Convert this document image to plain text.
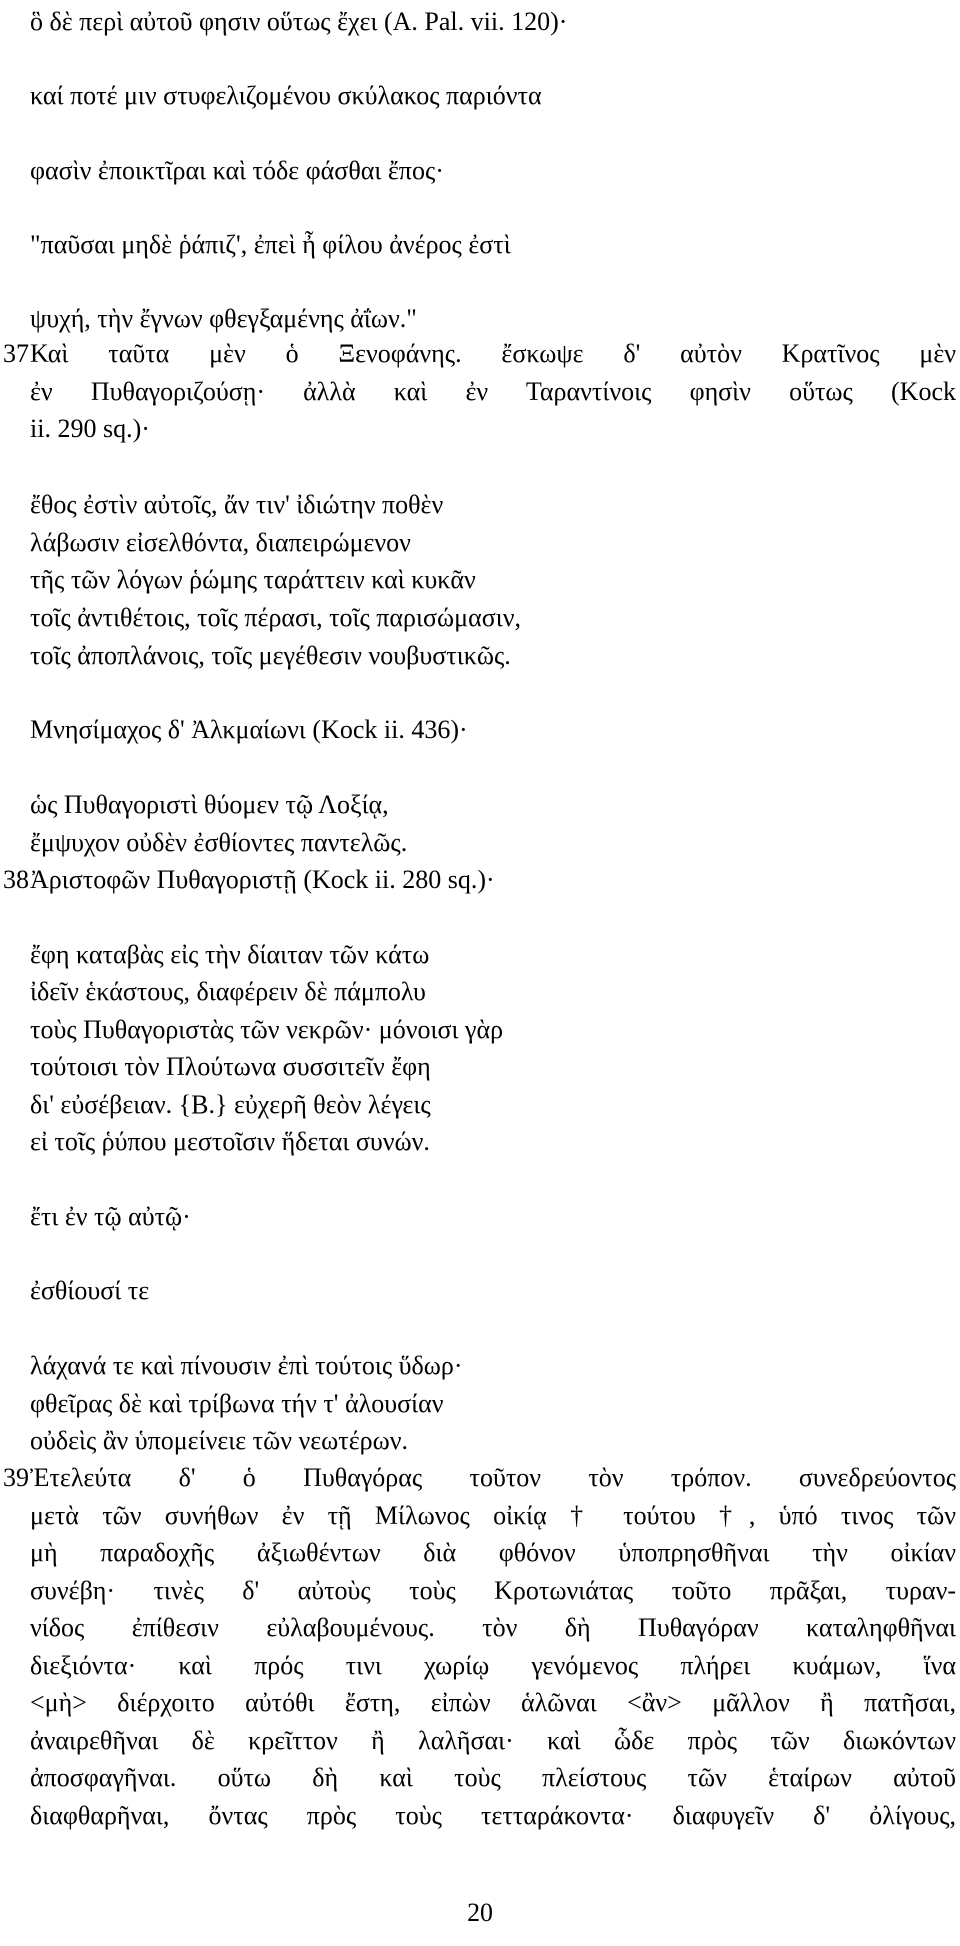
ὃ δὲ περὶ αὐτοῦ φησιν οὕτως ἔχει (A. Pal. vii. 120)·
καί ποτέ μιν στυφελιζομένου σκύλακος παριόντα
φασὶν ἐποικτῖραι καὶ τόδε φάσθαι ἔπος·
"παῦσαι μηδὲ ῥάπιζ', ἐπεὶ ἦ φίλου ἀνέρος ἐστὶ
ψυχή, τὴν ἔγνων φθεγξαμένης ἀΐων."
37 Καὶ ταῦτα μὲν ὁ Ξενοφάνης. ἔσκωψε δ' αὐτὸν Κρατῖνος μὲν
ἐν Πυθαγοριζούσῃ· ἀλλὰ καὶ ἐν Ταραντίνοις φησὶν οὕτως (Kock
ii. 290 sq.)·
ἔθος ἐστὶν αὐτοῖς, ἄν τιν' ἰδιώτην ποθὲν
λάβωσιν εἰσελθόντα, διαπειρώμενον
τῆς τῶν λόγων ῥώμης ταράττειν καὶ κυκᾶν
τοῖς ἀντιθέτοις, τοῖς πέρασι, τοῖς παρισώμασιν,
τοῖς ἀποπλάνοις, τοῖς μεγέθεσιν νουβυστικῶς.
Μνησίμαχος δ' Ἀλκμαίωνι (Kock ii. 436)·
ὡς Πυθαγοριστὶ θύομεν τῷ Λοξίᾳ,
ἔμψυχον οὐδὲν ἐσθίοντες παντελῶς.
38 Ἀριστοφῶν Πυθαγοριστῇ (Kock ii. 280 sq.)·
ἔφη καταβὰς εἰς τὴν δίαιταν τῶν κάτω
ἰδεῖν ἑκάστους, διαφέρειν δὲ πάμπολυ
τοὺς Πυθαγοριστὰς τῶν νεκρῶν· μόνοισι γὰρ
τούτοισι τὸν Πλούτωνα συσσιτεῖν ἔφη
δι' εὐσέβειαν. {Β.} εὐχερῆ θεὸν λέγεις
εἰ τοῖς ῥύπου μεστοῖσιν ἥδεται συνών.
ἔτι ἐν τῷ αὐτῷ·
ἐσθίουσί τε
λάχανά τε καὶ πίνουσιν ἐπὶ τούτοις ὕδωρ·
φθεῖρας δὲ καὶ τρίβωνα τήν τ' ἀλουσίαν
οὐδεὶς ἂν ὑπομείνειε τῶν νεωτέρων.
39 Ἐτελεύτα δ' ὁ Πυθαγόρας τοῦτον τὸν τρόπον. συνεδρεύοντος
μετὰ τῶν συνήθων ἐν τῇ Μίλωνος οἰκίᾳ † τούτου †, ὑπό τινος τῶν
μὴ παραδοχῆς ἀξιωθέντων διὰ φθόνον ὑποπρησθῆναι τὴν οἰκίαν
συνέβη· τινὲς δ' αὐτοὺς τοὺς Κροτωνιάτας τοῦτο πρᾶξαι, τυραν-
νίδος ἐπίθεσιν εὐλαβουμένους. τὸν δὴ Πυθαγόραν καταληφθῆναι
διεξιόντα· καὶ πρός τινι χωρίῳ γενόμενος πλήρει κυάμων, ἵνα
<μὴ> διέρχοιτο αὐτόθι ἔστη, εἰπὼν ἁλῶναι <ἂν> μᾶλλον ἢ πατῆσαι,
ἀναιρεθῆναι δὲ κρεῖττον ἢ λαλῆσαι· καὶ ὧδε πρὸς τῶν διωκόντων
ἀποσφαγῆναι. οὕτω δὴ καὶ τοὺς πλείστους τῶν ἑταίρων αὐτοῦ
διαφθαρῆναι, ὄντας πρὸς τοὺς τετταράκοντα· διαφυγεῖν δ' ὀλίγους,
20
